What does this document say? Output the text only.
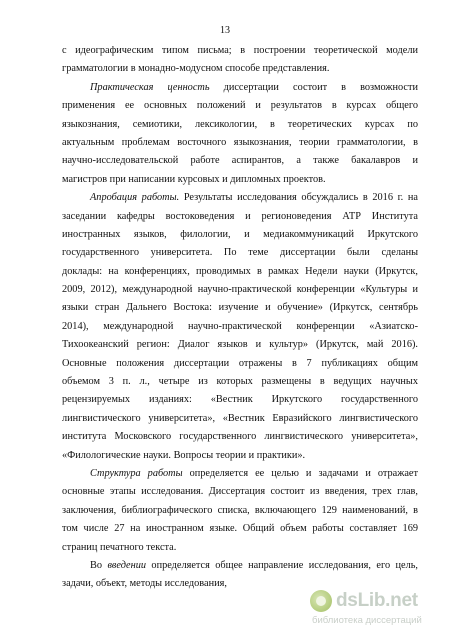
13
с идеографическим типом письма; в построении теоретической модели
грамматологии в монадно-модусном способе представления.
Практическая ценность диссертации состоит в возможности
применения ее основных положений и результатов в курсах общего
языкознания, семиотики, лексикологии, в теоретических курсах по
актуальным проблемам восточного языкознания, теории грамматологии, в
научно-исследовательской работе аспирантов, а также бакалавров и
магистров при написании курсовых и дипломных проектов.
Апробация работы. Результаты исследования обсуждались в 2016 г. на
заседании кафедры востоковедения и регионоведения АТР Института
иностранных языков, филологии, и медиакоммуникаций Иркутского
государственного университета. По теме диссертации были сделаны
доклады: на конференциях, проводимых в рамках Недели науки (Иркутск,
2009, 2012), международной научно-практической конференции «Культуры и
языки стран Дальнего Востока: изучение и обучение» (Иркутск, сентябрь
2014), международной научно-практической конференции «Азиатско-
Тихоокеанский регион: Диалог языков и культур» (Иркутск, май 2016).
Основные положения диссертации отражены в 7 публикациях общим
объемом 3 п. л., четыре из которых размещены в ведущих научных
рецензируемых изданиях: «Вестник Иркутского государственного
лингвистического университета», «Вестник Евразийского лингвистического
института Московского государственного лингвистического университета»,
«Филологические науки. Вопросы теории и практики».
Структура работы определяется ее целью и задачами и отражает
основные этапы исследования. Диссертация состоит из введения, трех глав,
заключения, библиографического списка, включающего 129 наименований, в
том числе 27 на иностранном языке. Общий объем работы составляет 169
страниц печатного текста.
Во введении определяется общее направление исследования, его цель,
задачи, объект, методы исследования,
dsLib.net
библиотека диссертаций
